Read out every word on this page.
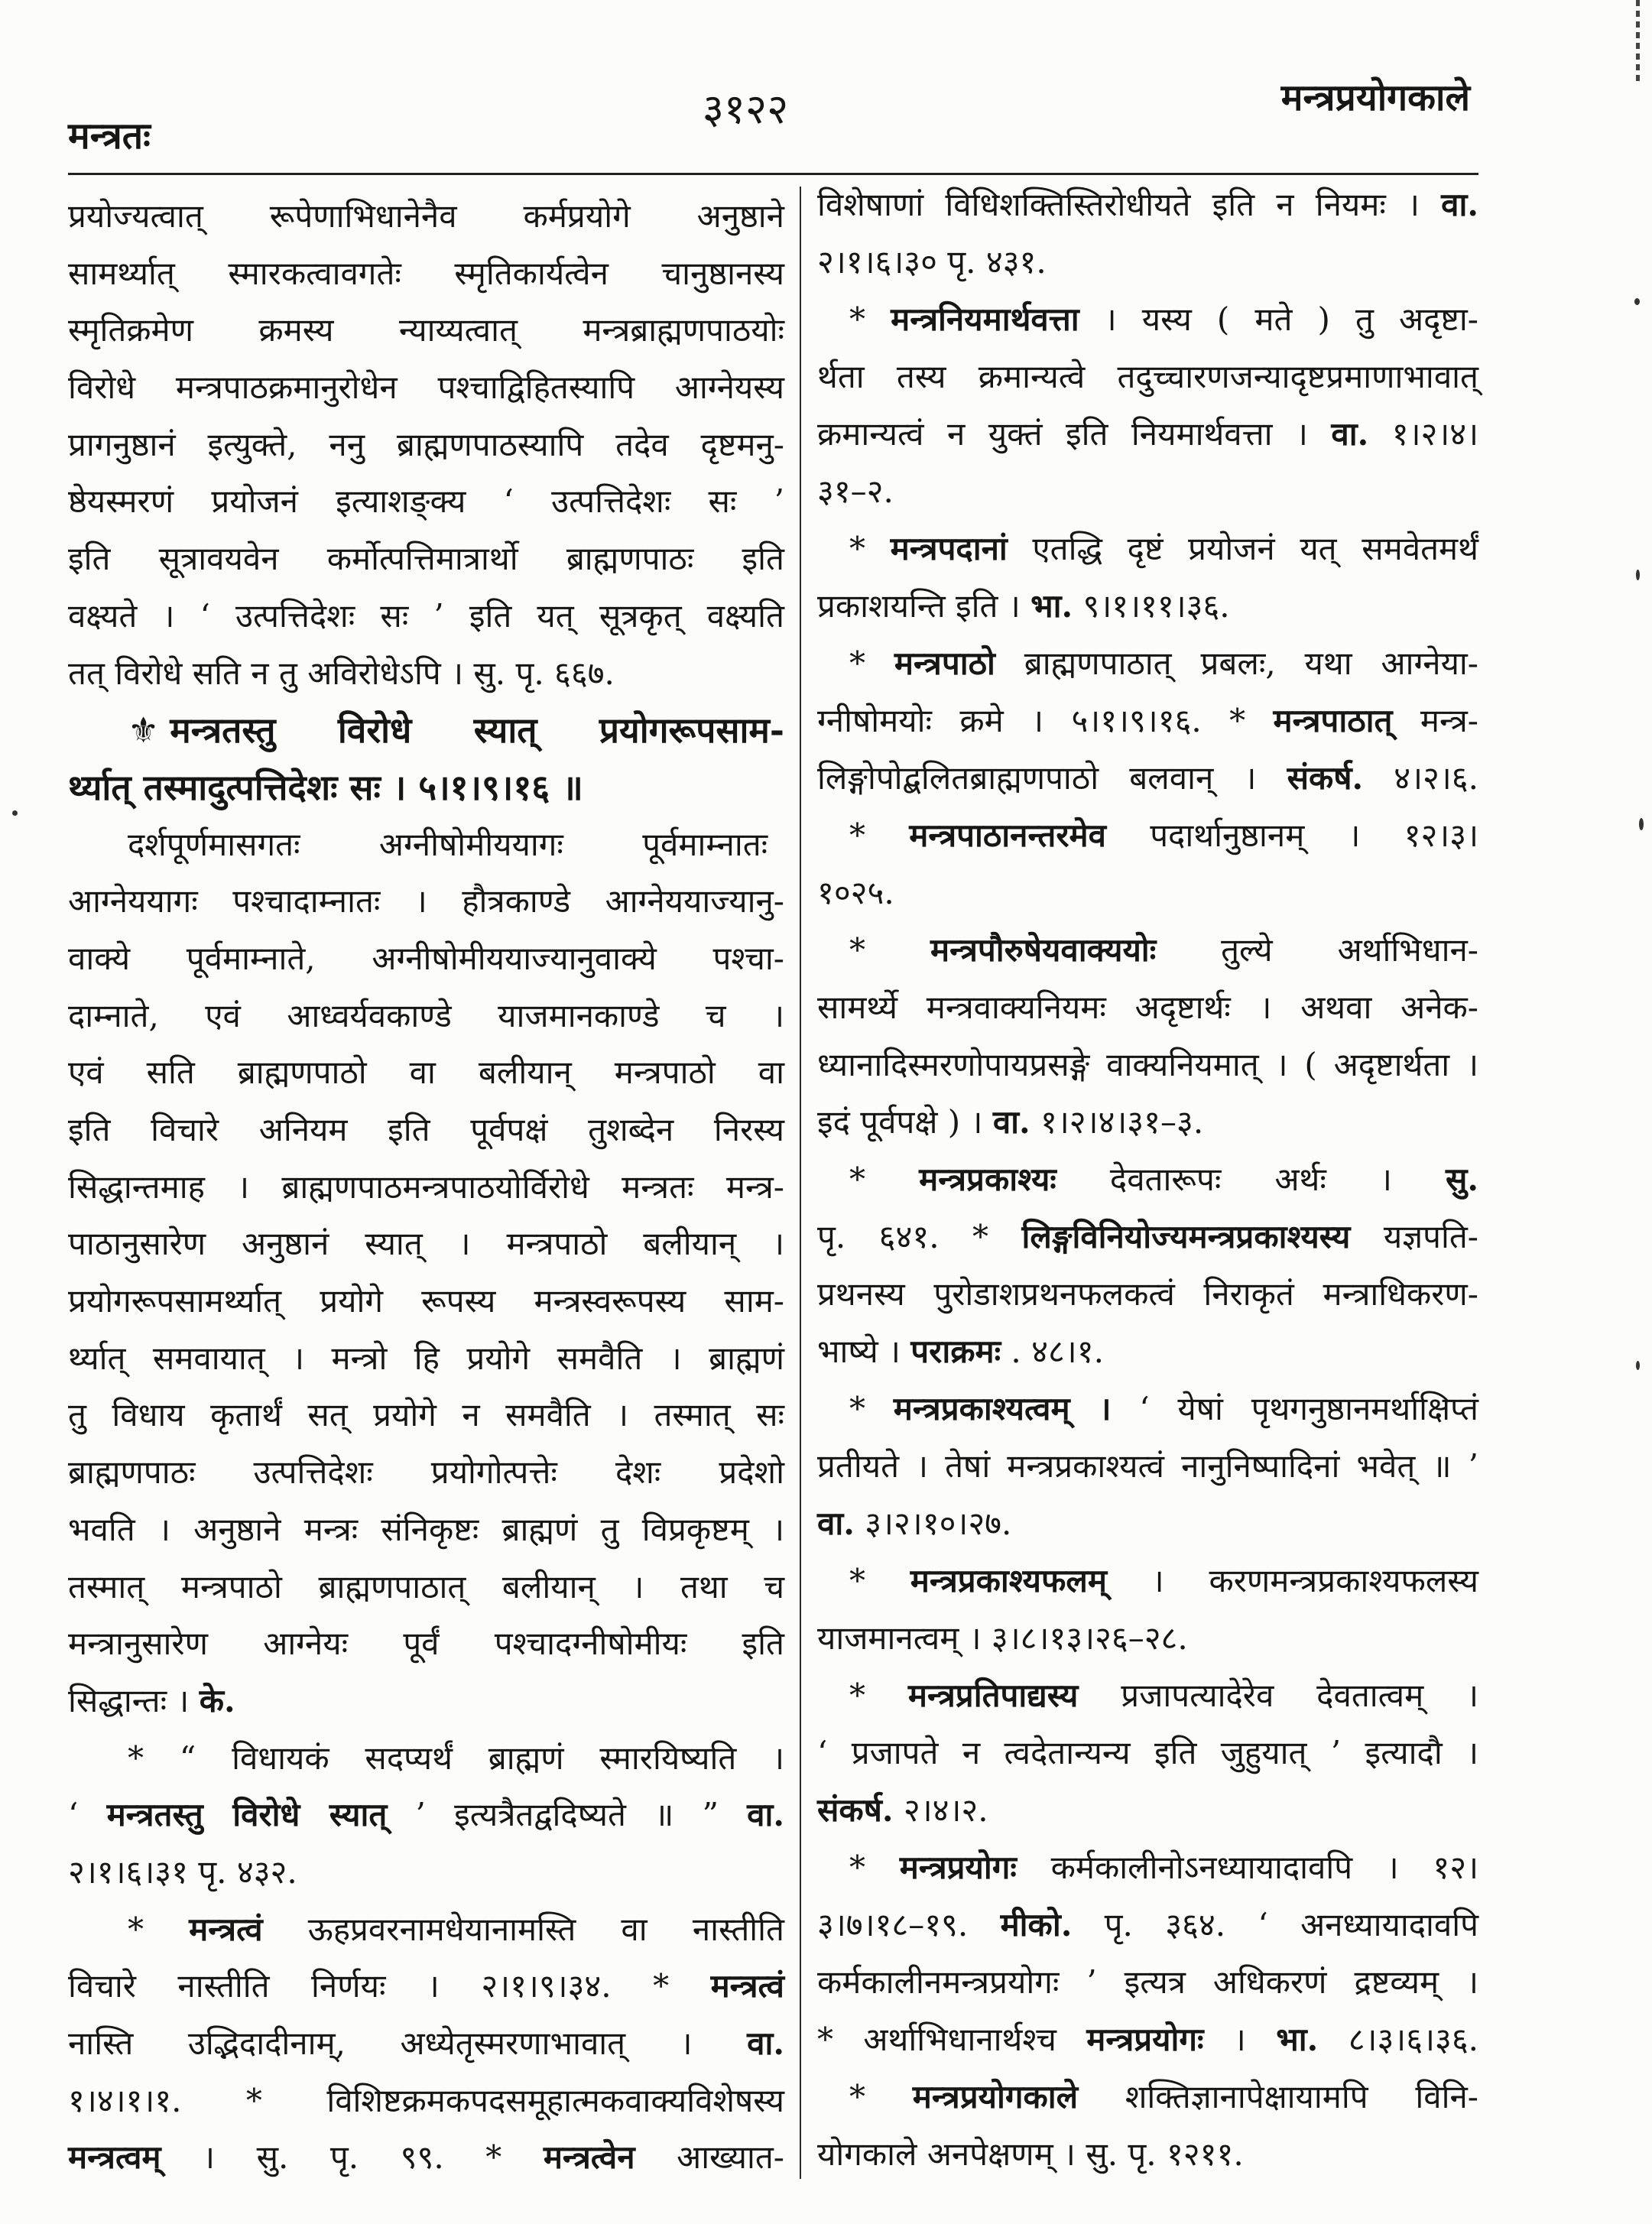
मन्त्रतः
३१२२	मन्त्रप्रयोगकाले
प्रयोज्यत्वात् रूपेणाभिधानेनैव कर्मप्रयोगे अनुष्ठाने
सामर्थ्यात् स्मारकत्वावगतेः स्मृतिकार्यत्वेन चानुष्ठानस्य
स्मृतिक्रमेण क्रमस्य न्याय्यत्वात् मन्त्रब्राह्मणपाठयोः
विरोधे मन्त्रपाठक्रमानुरोधेन पश्चाद्विहितस्यापि आग्नेयस्य
प्रागनुष्ठानं इत्युक्ते, ननु ब्राह्मणपाठस्यापि तदेव दृष्टमनु-
ष्ठेयस्मरणं प्रयोजनं इत्याशङ्क्य ‘ उत्पत्तिदेशः सः ’
इति सूत्रावयवेन कर्मोत्पत्तिमात्रार्थो ब्राह्मणपाठः इति
वक्ष्यते । ‘ उत्पत्तिदेशः सः ’ इति यत् सूत्रकृत् वक्ष्यति
तत् विरोधे सति न तु अविरोधेऽपि । सु. पृ. ६६७.
⚜ मन्त्रतस्तु विरोधे स्यात् प्रयोगरूपसाम-
र्थ्यात् तस्मादुत्पत्तिदेशः सः । ५।१।९।१६ ॥
दर्शपूर्णमासगतः अग्नीषोमीययागः पूर्वमाम्नातः
आग्नेययागः पश्चादाम्नातः । हौत्रकाण्डे आग्नेययाज्यानु-
वाक्ये पूर्वमाम्नाते, अग्नीषोमीययाज्यानुवाक्ये पश्चा-
दाम्नाते, एवं आध्वर्यवकाण्डे याजमानकाण्डे च ।
एवं सति ब्राह्मणपाठो वा बलीयान् मन्त्रपाठो वा
इति विचारे अनियम इति पूर्वपक्षं तुशब्देन निरस्य
सिद्धान्तमाह । ब्राह्मणपाठमन्त्रपाठयोर्विरोधे मन्त्रतः मन्त्र-
पाठानुसारेण अनुष्ठानं स्यात् । मन्त्रपाठो बलीयान् ।
प्रयोगरूपसामर्थ्यात् प्रयोगे रूपस्य मन्त्रस्वरूपस्य साम-
र्थ्यात् समवायात् । मन्त्रो हि प्रयोगे समवैति । ब्राह्मणं
तु विधाय कृतार्थं सत् प्रयोगे न समवैति । तस्मात् सः
ब्राह्मणपाठः उत्पत्तिदेशः प्रयोगोत्पत्तेः देशः प्रदेशो
भवति । अनुष्ठाने मन्त्रः संनिकृष्टः ब्राह्मणं तु विप्रकृष्टम् ।
तस्मात् मन्त्रपाठो ब्राह्मणपाठात् बलीयान् । तथा च
मन्त्रानुसारेण आग्नेयः पूर्वं पश्चादग्नीषोमीयः इति
सिद्धान्तः । के.
* “ विधायकं सदप्यर्थं ब्राह्मणं स्मारयिष्यति ।
‘ मन्त्रतस्तु विरोधे स्यात् ’ इत्यत्रैतद्वदिष्यते ॥ ” वा.
२।१।६।३१ पृ. ४३२.
* मन्त्रत्वं ऊहप्रवरनामधेयानामस्ति वा नास्तीति
विचारे नास्तीति निर्णयः । २।१।९।३४. * मन्त्रत्वं
नास्ति उद्भिदादीनाम्, अध्येतृस्मरणाभावात् । वा.
१।४।१।१. * विशिष्टक्रमकपदसमूहात्मकवाक्यविशेषस्य
मन्त्रत्वम् । सु. पृ. ९९. * मन्त्रत्वेन आख्यात-
विशेषाणां विधिशक्तिस्तिरोधीयते इति न नियमः । वा.
२।१।६।३० पृ. ४३१.
* मन्त्रनियमार्थवत्ता । यस्य ( मते ) तु अदृष्टा-
र्थता तस्य क्रमान्यत्वे तदुच्चारणजन्यादृष्टप्रमाणाभावात्
क्रमान्यत्वं न युक्तं इति नियमार्थवत्ता । वा. १।२।४।
३१–२.
* मन्त्रपदानां एतद्धि दृष्टं प्रयोजनं यत् समवेतमर्थं
प्रकाशयन्ति इति । भा. ९।१।११।३६.
* मन्त्रपाठो ब्राह्मणपाठात् प्रबलः, यथा आग्नेया-
ग्नीषोमयोः क्रमे । ५।१।९।१६. * मन्त्रपाठात् मन्त्र-
लिङ्गोपोद्बलितब्राह्मणपाठो बलवान् । संकर्ष. ४।२।६.
* मन्त्रपाठानन्तरमेव पदार्थानुष्ठानम् । १२।३।
१०२५.
* मन्त्रपौरुषेयवाक्ययोः तुल्ये अर्थाभिधान-
सामर्थ्ये मन्त्रवाक्यनियमः अदृष्टार्थः । अथवा अनेक-
ध्यानादिस्मरणोपायप्रसङ्गे वाक्यनियमात् । ( अदृष्टार्थता ।
इदं पूर्वपक्षे ) । वा. १।२।४।३१–३.
* मन्त्रप्रकाश्यः देवतारूपः अर्थः । सु.
पृ. ६४१. * लिङ्गविनियोज्यमन्त्रप्रकाश्यस्य यज्ञपति-
प्रथनस्य पुरोडाशप्रथनफलकत्वं निराकृतं मन्त्राधिकरण-
भाष्ये । पराक्रमः . ४८।१.
* मन्त्रप्रकाश्यत्वम् । ‘ येषां पृथगनुष्ठानमर्थाक्षिप्तं
प्रतीयते । तेषां मन्त्रप्रकाश्यत्वं नानुनिष्पादिनां भवेत् ॥ ’
वा. ३।२।१०।२७.
* मन्त्रप्रकाश्यफलम् । करणमन्त्रप्रकाश्यफलस्य
याजमानत्वम् । ३।८।१३।२६–२८.
* मन्त्रप्रतिपाद्यस्य प्रजापत्यादेरेव देवतात्वम् ।
‘ प्रजापते न त्वदेतान्यन्य इति जुहुयात् ’ इत्यादौ ।
संकर्ष. २।४।२.
* मन्त्रप्रयोगः कर्मकालीनोऽनध्यायादावपि । १२।
३।७।१८–१९. मीको. पृ. ३६४. ‘ अनध्यायादावपि
कर्मकालीनमन्त्रप्रयोगः ’ इत्यत्र अधिकरणं द्रष्टव्यम् ।
* अर्थाभिधानार्थश्च मन्त्रप्रयोगः । भा. ८।३।६।३६.
* मन्त्रप्रयोगकाले शक्तिज्ञानापेक्षायामपि विनि-
योगकाले अनपेक्षणम् । सु. पृ. १२११.
